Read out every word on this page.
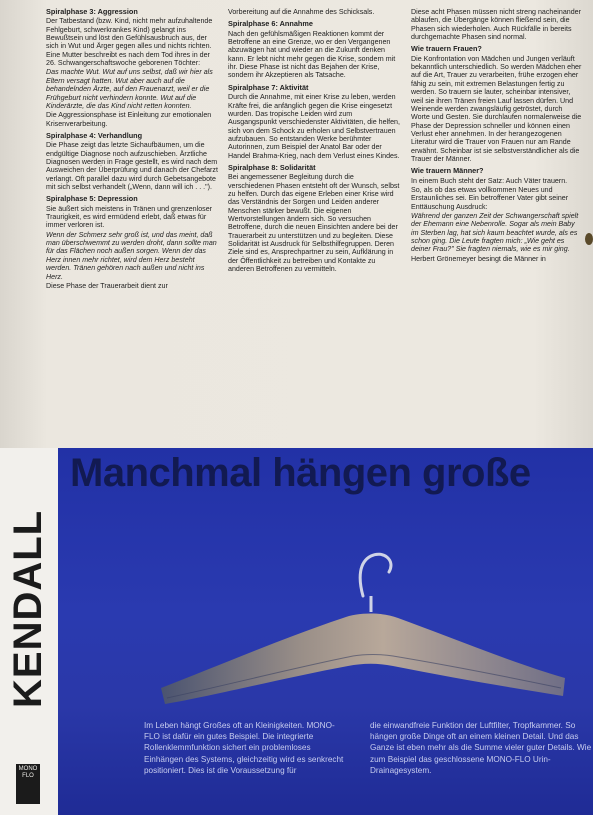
Spiralphase 3: Aggression

Der Tatbestand (bzw. Kind, nicht mehr aufzuhaltende Fehlgeburt, schwerkrankes Kind) gelangt ins Bewußtsein und löst den Gefühlsausbruch aus, der sich in Wut und Ärger gegen alles und nichts richten. Eine Mutter beschreibt es nach dem Tod ihres in der 26. Schwangerschaftswoche geborenen Töchter:

Das machte Wut. Wut auf uns selbst, daß wir hier als Eltern versagt hatten. Wut aber auch auf die behandelnden Ärzte, auf den Frauenarzt, weil er die Frühgeburt nicht verhindern konnte. Wut auf die Kinderärzte, die das Kind nicht retten konnten.

Die Aggressionsphase ist Einleitung zur emotionalen Krisenverarbeitung.

Spiralphase 4: Verhandlung

Die Phase zeigt das letzte Sichaufbäumen, um die endgültige Diagnose noch aufzuschieben. Ärztliche Diagnosen werden in Frage gestellt, es wird nach dem Ausweichen der Überprüfung und danach der Chefarzt verlangt. Oft parallel dazu wird durch Gebetsangebote mit sich selbst verhandelt („Wenn, dann will ich . . .").

Spiralphase 5: Depression

Sie äußert sich meistens in Tränen und grenzenloser Traurigkeit, es wird ermüdend erlebt, daß etwas für immer verloren ist.

Wenn der Schmerz sehr groß ist, und das meint, daß man überschwemmt zu werden droht, dann sollte man für das Flächen noch außen sorgen. Wenn der das Herz innen mehr richtet, wird dem Herz besteht werden. Tränen gehören nach außen und nicht ins Herz.

Diese Phase der Trauerarbeit dient zur

Vorbereitung auf die Annahme des Schicksals.

Spiralphase 6: Annahme

Nach den gefühlsmäßigen Reaktionen kommt der Betroffene an eine Grenze, wo er den Vergangenen abzuwägen hat und wieder an die Zukunft denken kann. Er lebt nicht mehr gegen die Krise, sondern mit ihr. Diese Phase ist nicht das Bejahen der Krise, sondern ihr Akzeptieren als Tatsache.

Spiralphase 7: Aktivität

Durch die Annahme, mit einer Krise zu leben, werden Kräfte frei, die anfänglich gegen die Krise eingesetzt wurden. Das tropische Leiden wird zum Ausgangspunkt verschiedenster Aktivitäten, die helfen, sich von dem Schock zu erholen und Selbstvertrauen aufzubauen. So entstanden Werke berühmter Autorinnen, zum Beispiel der Anatol Bar oder der Handel Brahma-Krieg, nach dem Verlust eines Kindes.

Spiralphase 8: Solidarität

Bei angemessener Begleitung durch die verschiedenen Phasen entsteht oft der Wunsch, selbst zu helfen. Durch das eigene Erleben einer Krise wird das Verständnis der Sorgen und Leiden anderer Menschen stärker bewußt. Die eigenen Wertvorstellungen ändern sich. So versuchen Betroffene, durch die neuen Einsichten andere bei der Trauerarbeit zu unterstützen und zu begleiten. Diese Solidarität ist Ausdruck für Selbsthilfegruppen. Deren Ziele sind es, Ansprechpartner zu sein, Aufklärung in der Öffentlichkeit zu betreiben und Kontakte zu anderen Betroffenen zu vermitteln.

Diese acht Phasen müssen nicht streng nacheinander ablaufen, die Übergänge können fließend sein, die Phasen sich wiederholen. Auch Rückfälle in bereits durchgemachte Phasen sind normal.

Wie trauern Frauen?

Die Konfrontation von Mädchen und Jungen verläuft bekanntlich unterschiedlich. So werden Mädchen eher auf die Art, Trauer zu verarbeiten, frühe erzogen eher fähig zu sein, mit extremen Belastungen fertig zu werden. So trauern sie lauter, scheinbar intensiver, weil sie ihren Tränen freien Lauf lassen dürfen. Und Weinende werden zwangsläufig getröstet, durch Worte und Gesten. Sie durchlaufen normalerweise die Phase der Depression schneller und können einen Verlust eher annehmen. In der herangezogenen Literatur wird die Trauer von Frauen nur am Rande erwähnt. Scheinbar ist sie selbstverständlicher als die Trauer der Männer.

Wie trauern Männer?

In einem Buch steht der Satz: Auch Väter trauern.

So, als ob das etwas vollkommen Neues und Erstaunliches sei. Ein betroffener Vater gibt seiner Enttäuschung Ausdruck:

Während der ganzen Zeit der Schwangerschaft spielt der Ehemann eine Nebenrolle. Sogar als mein Baby im Sterben lag, hat sich kaum beachtet wurde, als es schon ging. Die Leute fragten mich: „Wie geht es deiner Frau?" Sie fragten niemals, wie es mir ging.

Herbert Grönemeyer besingt die Männer in

Manchmal hängen große

Im Leben hängt Großes oft an Kleinigkeiten. MONO-FLO ist dafür ein gutes Beispiel. Die integrierte Rollenklemmfunktion sichert ein problemloses Einhängen des Systems, gleichzeitig wird es senkrecht positioniert. Dies ist die Voraussetzung für

die einwandfreie Funktion der Luftfilter, Tropfkammer. So hängen große Dinge oft an einem kleinen Detail. Und das Ganze ist eben mehr als die Summe vieler guter Details. Wie zum Beispiel das geschlossene MONO-FLO Urin-Drainagesystem.

KENDALL
MONO FLO
